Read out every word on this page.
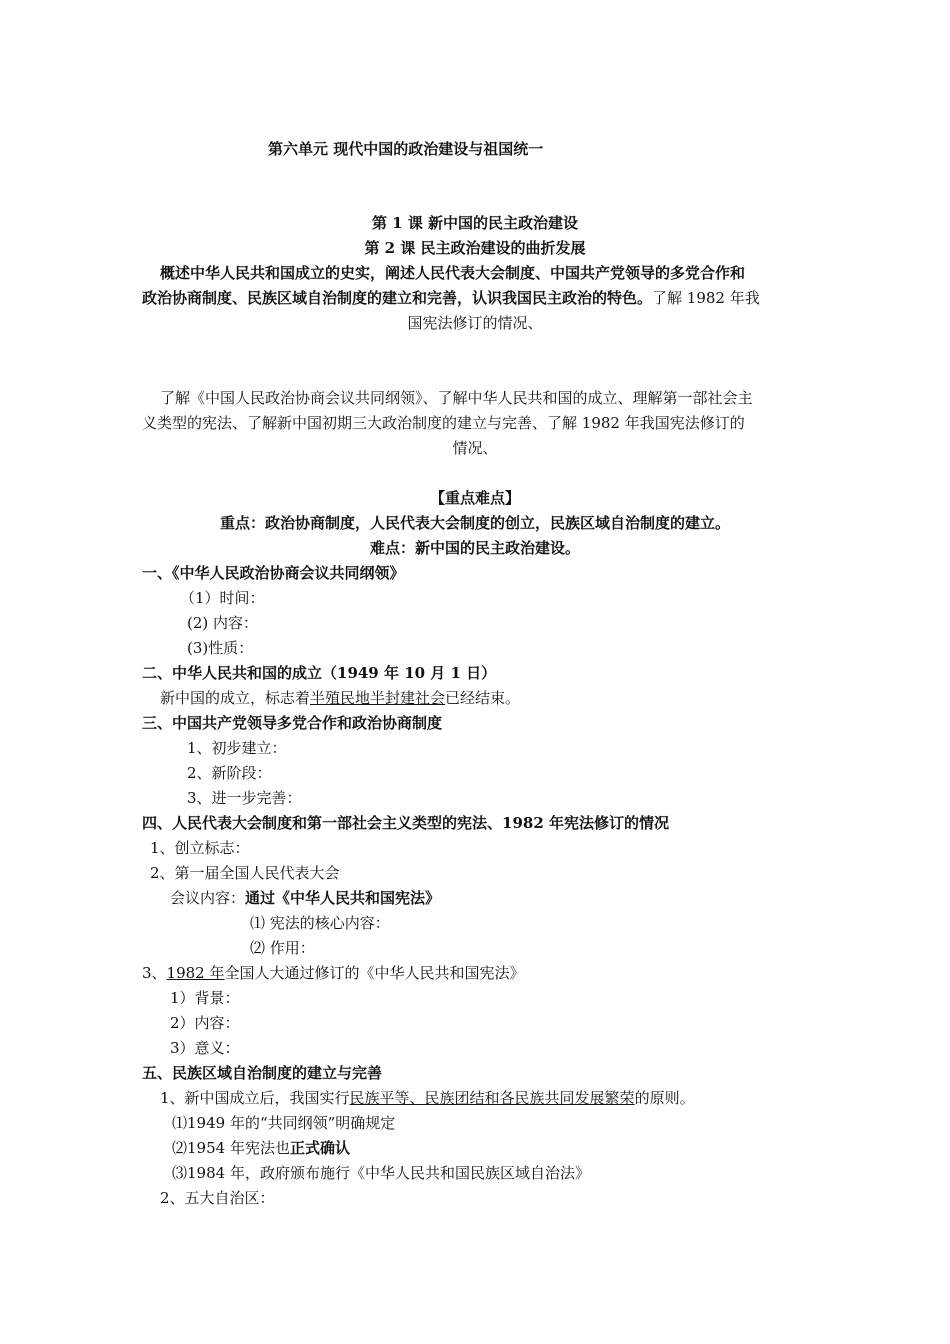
第六单元 现代中国的政治建设与祖国统一
第 1 课 新中国的民主政治建设
第 2 课 民主政治建设的曲折发展
概述中华人民共和国成立的史实，阐述人民代表大会制度、中国共产党领导的多党合作和
政治协商制度、民族区域自治制度的建立和完善，认识我国民主政治的特色。了解 1982 年我
国宪法修订的情况、
了解《中国人民政治协商会议共同纲领》、了解中华人民共和国的成立、理解第一部社会主
义类型的宪法、了解新中国初期三大政治制度的建立与完善、了解 1982 年我国宪法修订的
情况、
【重点难点】
重点：政治协商制度，人民代表大会制度的创立，民族区域自治制度的建立。
难点：新中国的民主政治建设。
一、《中华人民政治协商会议共同纲领》
（1）时间：
(2) 内容：
(3)性质：
二、中华人民共和国的成立（1949 年 10 月 1 日）
新中国的成立，标志着半殖民地半封建社会已经结束。
三、中国共产党领导多党合作和政治协商制度
1、初步建立：
2、新阶段：
3、进一步完善：
四、人民代表大会制度和第一部社会主义类型的宪法、1982 年宪法修订的情况
1、创立标志：
2、第一届全国人民代表大会
会议内容：通过《中华人民共和国宪法》
⑴ 宪法的核心内容：
⑵ 作用：
3、1982 年全国人大通过修订的《中华人民共和国宪法》
1）背景：
2）内容：
3）意义：
五、民族区域自治制度的建立与完善
1、新中国成立后，我国实行民族平等、民族团结和各民族共同发展繁荣的原则。
⑴1949 年的“共同纲领”明确规定
⑵1954 年宪法也正式确认
⑶1984 年，政府颁布施行《中华人民共和国民族区域自治法》
2、五大自治区：
